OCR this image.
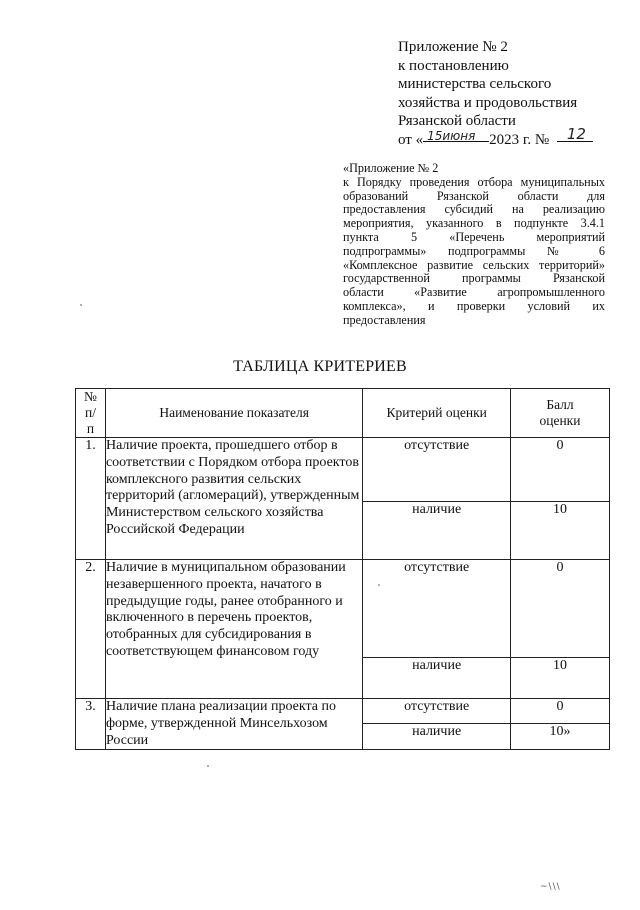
Приложение № 2
к постановлению
министерства сельского
хозяйства и продовольствия
Рязанской области
от « 15июня 2023 г. № 12
«Приложение № 2
к Порядку проведения отбора муниципальных
образований Рязанской области для
предоставления субсидий на реализацию
мероприятия, указанного в подпункте 3.4.1
пункта 5 «Перечень мероприятий
подпрограммы» подпрограммы № 6
«Комплексное развитие сельских территорий»
государственной программы Рязанской
области «Развитие агропромышленного
комплекса», и проверки условий их
предоставления
ТАБЛИЦА КРИТЕРИЕВ
№ п/п	Наименование показателя	Критерий оценки	Балл оценки
1.	Наличие проекта, прошедшего отбор в соответствии с Порядком отбора проектов комплексного развития сельских территорий (агломераций), утвержденным Министерством сельского хозяйства Российской Федерации	отсутствие	0
		наличие	10
2.	Наличие в муниципальном образовании незавершенного проекта, начатого в предыдущие годы, ранее отобранного и включенного в перечень проектов, отобранных для субсидирования в соответствующем финансовом году	отсутствие	0
		наличие	10
3.	Наличие плана реализации проекта по форме, утвержденной Минсельхозом России	отсутствие	0
		наличие	10»
~\\\
